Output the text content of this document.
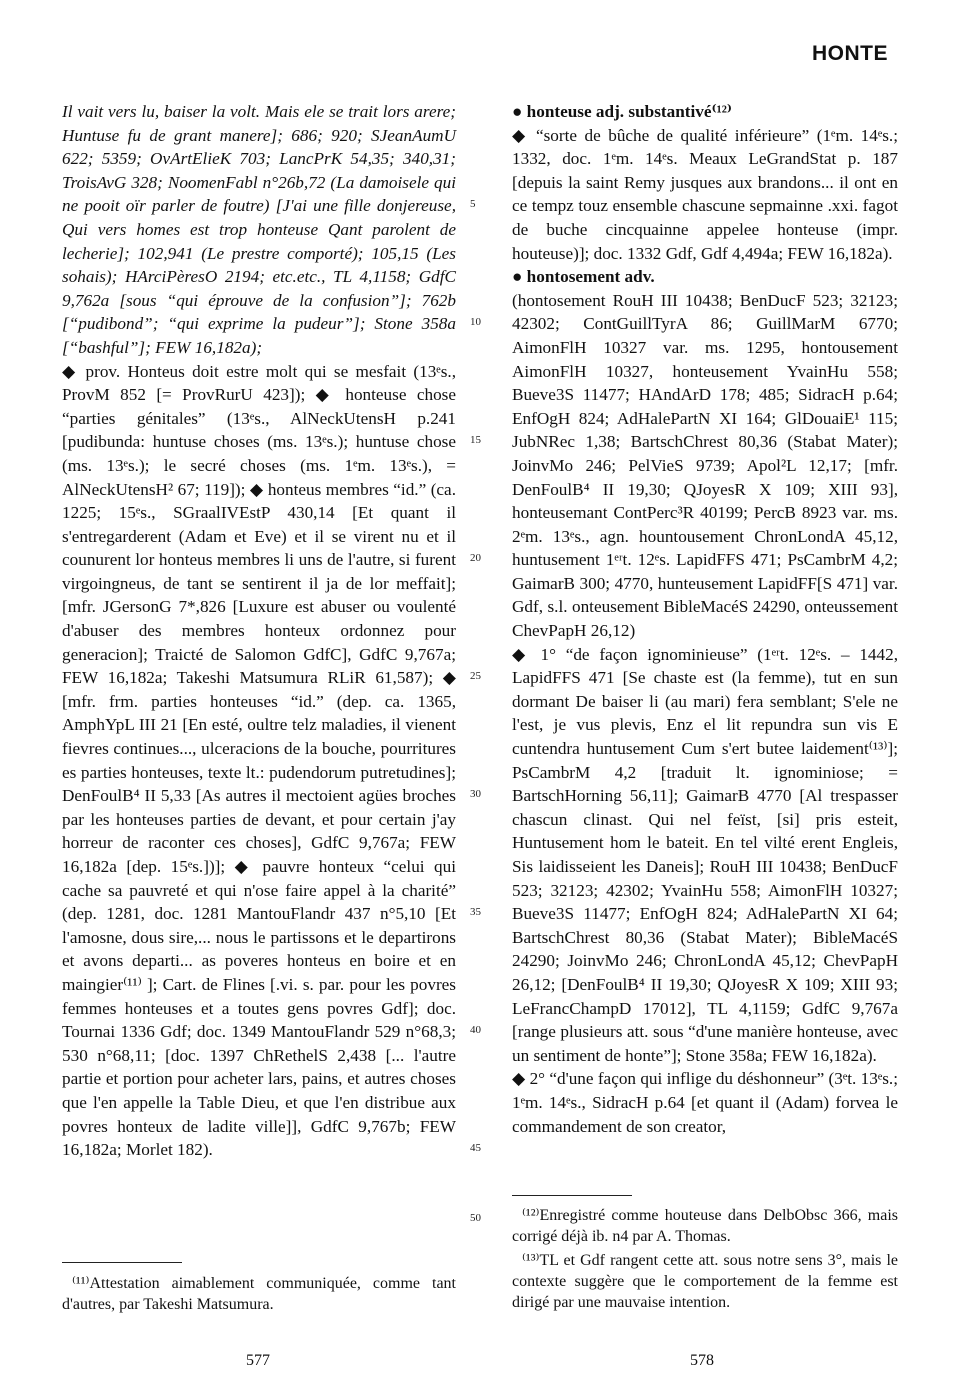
HONTE

Il vait vers lu, baiser la volt. Mais ele se trait lors arere; Huntuse fu de grant manere]; 686; 920; SJeanAumU 622; 5359; OvArtElieK 703; LancPrK 54,35; 340,31; TroisAvG 328; NoomenFabl n°26b,72 (La damoisele qui ne pooit oïr parler de foutre) [J'ai une fille donjereuse, Qui vers homes est trop honteuse Qant parolent de lecherie]; 102,941 (Le prestre comporté); 105,15 (Les sohais); HArciPèresO 2194; etc.etc., TL 4,1158; GdfC 9,762a [sous “qui éprouve de la confusion”]; 762b [“pudibond”; “qui exprime la pudeur”]; Stone 358a [“bashful”]; FEW 16,182a);

◆ prov. Honteus doit estre molt qui se mesfait (13ᵉs., ProvM 852 [= ProvRurU 423]); ◆ honteuse chose “parties génitales” (13ᵉs., AlNeckUtensH p.241 [pudibunda: huntuse choses (ms. 13ᵉs.); huntuse chose (ms. 13ᵉs.); le secré choses (ms. 1ᵉm. 13ᵉs.), = AlNeckUtensH² 67; 119]); ◆ honteus membres “id.” (ca. 1225; 15ᵉs., SGraalIVEstP 430,14 [Et quant il s'entregarderent (Adam et Eve) et il se virent nu et il counurent lor honteus membres li uns de l'autre, si furent virgoingneus, de tant se sentirent il ja de lor meffait]; [mfr. JGersonG 7*,826 [Luxure est abuser ou voulenté d'abuser des membres honteux ordonnez pour generacion]; Traicté de Salomon GdfC], GdfC 9,767a; FEW 16,182a; Takeshi Matsumura RLiR 61,587); ◆ [mfr. frm. parties honteuses “id.” (dep. ca. 1365, AmphYpL III 21 [En esté, oultre telz maladies, il vienent fievres continues..., ulceracions de la bouche, pourritures es parties honteuses, texte lt.: pudendorum putretudines]; DenFoulB⁴ II 5,33 [As autres il mectoient agües broches par les honteuses parties de devant, et pour certain j'ay horreur de raconter ces choses], GdfC 9,767a; FEW 16,182a [dep. 15ᵉs.])]; ◆ pauvre honteux “celui qui cache sa pauvreté et qui n'ose faire appel à la charité” (dep. 1281, doc. 1281 MantouFlandr 437 n°5,10 [Et l'amosne, dous sire,... nous le partissons et le departirons et avons departi... as poveres honteus en boire et en maingier⁽¹¹⁾ ]; Cart. de Flines [.vi. s. par. pour les povres femmes honteuses et a toutes gens povres Gdf]; doc. Tournai 1336 Gdf; doc. 1349 MantouFlandr 529 n°68,3; 530 n°68,11; [doc. 1397 ChRethelS 2,438 [... l'autre partie et portion pour acheter lars, pains, et autres choses que l'en appelle la Table Dieu, et que l'en distribue aux povres honteux de ladite ville]], GdfC 9,767b; FEW 16,182a; Morlet 182).

5
10
15
20
25
30
35
40
45
50

● honteuse adj. substantivé⁽¹²⁾

◆ “sorte de bûche de qualité inférieure” (1ᵉm. 14ᵉs.; 1332, doc. 1ᵉm. 14ᵉs. Meaux LeGrandStat p. 187 [depuis la saint Remy jusques aux brandons... il ont en ce tempz touz ensemble chascune sepmainne .xxi. fagot de buche cincquainne appelee honteuse (impr. houteuse)]; doc. 1332 Gdf, Gdf 4,494a; FEW 16,182a).

● hontosement adv.

(hontosement RouH III 10438; BenDucF 523; 32123; 42302; ContGuillTyrA 86; GuillMarM 6770; AimonFlH 10327 var. ms. 1295, hontousement AimonFlH 10327, honteusement YvainHu 558; Bueve3S 11477; HAndArD 178; 485; SidracH p.64; EnfOgH 824; AdHalePartN XI 164; GlDouaiE¹ 115; JubNRec 1,38; BartschChrest 80,36 (Stabat Mater); JoinvMo 246; PelVieS 9739; Apol²L 12,17; [mfr. DenFoulB⁴ II 19,30; QJoyesR X 109; XIII 93], honteusemant ContPerc³R 40199; PercB 8923 var. ms. 2ᵉm. 13ᵉs., agn. hountousement ChronLondA 45,12, huntusement 1ᵉʳt. 12ᵉs. LapidFFS 471; PsCambrM 4,2; GaimarB 300; 4770, hunteusement LapidFF[S 471] var. Gdf, s.l. onteusement BibleMacéS 24290, onteussement ChevPapH 26,12)

◆ 1° “de façon ignominieuse” (1ᵉʳt. 12ᵉs. – 1442, LapidFFS 471 [Se chaste est (la femme), tut en sun dormant De baiser li (au mari) fera semblant; S'ele ne l'est, je vus plevis, Enz el lit repundra sun vis E cuntendra huntusement Cum s'ert butee laidement⁽¹³⁾]; PsCambrM 4,2 [traduit lt. ignominiose; = BartschHorning 56,11]; GaimarB 4770 [Al trespasser chascun clinast. Qui nel feïst, [si] pris esteit, Huntusement hom le bateit. En tel vilté erent Engleis, Sis laidisseient les Daneis]; RouH III 10438; BenDucF 523; 32123; 42302; YvainHu 558; AimonFlH 10327; Bueve3S 11477; EnfOgH 824; AdHalePartN XI 64; BartschChrest 80,36 (Stabat Mater); BibleMacéS 24290; JoinvMo 246; ChronLondA 45,12; ChevPapH 26,12; [DenFoulB⁴ II 19,30; QJoyesR X 109; XIII 93; LeFrancChampD 17012], TL 4,1159; GdfC 9,767a [range plusieurs att. sous “d'une manière honteuse, avec un sentiment de honte”]; Stone 358a; FEW 16,182a).

◆ 2° “d'une façon qui inflige du déshonneur” (3ᵉt. 13ᵉs.; 1ᵉm. 14ᵉs., SidracH p.64 [et quant il (Adam) forvea le commandement de son creator,

⁽¹¹⁾Attestation aimablement communiquée, comme tant d'autres, par Takeshi Matsumura.

⁽¹²⁾Enregistré comme houteuse dans DelbObsc 366, mais corrigé déjà ib. n4 par A. Thomas.

⁽¹³⁾TL et Gdf rangent cette att. sous notre sens 3°, mais le contexte suggère que le comportement de la femme est dirigé par une mauvaise intention.

577	578
